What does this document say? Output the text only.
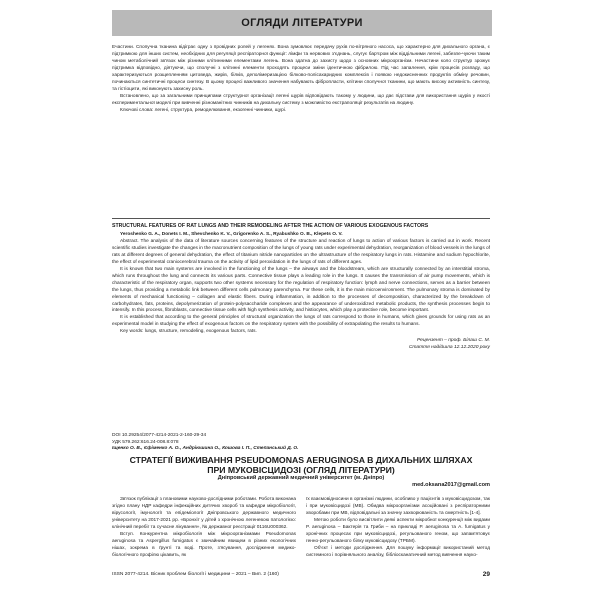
ОГЛЯДИ ЛІТЕРАТУРИ

Ечастини. Спопучна тканина відіграє одну з провідних ролей у легенях. Вона зумовлює передачу рухів по-вітряного насоса, що характерно для дихального органа, є підтримкою для інших систем, необхідних для регуляції респіраторної функції: лімфи та нервових з'єднань, слугує бар'єром між віддільними легені, забезпе-чуючи таким чином метаболічний зв'язок між різними клітинними елементами легень. Вона здатна до захисту щодо з основних мікроорганізм. Нечастини коло структур зрожує підтримка відповідно, діятуючи, що сполучні з клітинні елементи проходять процеси зміни ідентичною фібрилою. Під час запалення, крім процесів розпаду, що характеризуються розщепленням цитоведа, жирів, білків, деполімеризацією білково-полісахаридних комплексів і появою недокисненних продуктів обміну речовин, починаються синтетичні процеси синтезу. В цьому процесі важливого значення набувають фібропласти, клітини сполучної тканини, що мають високу активність синтезу, та гістіоцити, які виконують захисну роль.

Встановлено, що за загальними принципами структурної організації легені щурів відповідають такому у людини, що дає підстави для використання щурів у якості експериментальної моделі при вивченні різноманітних чинників на дихальну систему з можливістю екстраполяції результатів на людину.

Ключові слова: легені, структура, ремоделювання, екзогенні чинники, щурі.

STRUCTURAL FEATURES OF RAT LUNGS AND THEIR REMODELING AFTER THE ACTION OF VARIOUS EXOGENOUS FACTORS

Yeroshenko G. A., Donets I. M., Shevchenko K. V., Grigorenko A. S., Ryabushko O. B., Klepets O. V.

Abstract. The analysis of the data of literature sources concerning features of the structure and reaction of lungs to action of various factors is carried out in work. Recent scientific studies investigate the changes in the macronutrient composition of the lungs of young rats under experimental dehydration, reorganization of blood vessels in the lungs of rats at different degrees of general dehydration, the effect of titanium nitride nanoparticles on the ultrastructure of the respiratory lungs in rats. Histamine and sodium hypochlorite, the effect of experimental craniocerebral trauma on the activity of lipid peroxidation in the lungs of rats of different ages.

It is known that two main systems are involved in the functioning of the lungs – the airways and the bloodstream, which are structurally connected by an interstitial stroma, which runs throughout the lung and connects its various parts. Connective tissue plays a leading role in the lungs. It causes the transmission of air pump movements, which is characteristic of the respiratory organ, supports two other systems necessary for the regulation of respiratory function: lymph and nerve connections, serves as a barrier between the lungs, thus providing a metabolic link between different cells pulmonary parenchyma. For these cells, it is the main microenvironment. The pulmonary stroma is dominated by elements of mechanical functioning – collagen and elastic fibers. During inflammation, in addition to the processes of decomposition, characterized by the breakdown of carbohydrates, fats, proteins, depolymerization of protein-polysaccharide complexes and the appearance of underoxidized metabolic products, the synthesis processes begin to intensify. In this process, fibroblasts, connective tissue cells with high synthesis activity, and histiocytes, which play a protective role, become important.

It is established that according to the general principles of structural organization the lungs of rats correspond to those in humans, which gives grounds for using rats as an experimental model in studying the effect of exogenous factors on the respiratory system with the possibility of extrapolating the results to humans.

Key words: lungs, structure, remodeling, exogenous factors, rats.

Рецензент – проф. Білаш С. М.

Стаття надійшла 12.12.2020 року

DOI 10.29254/2077-4214-2021-2-160-29-34

УДК 579.262:616.24-008.8:078

Іщенко О. В., Єфіменко А. О., Андріюшина О., Кошова І. П., Степанський Д. О.

СТРАТЕГІЇ ВИЖИВАННЯ PSEUDOMONAS AERUGINOSA В ДИХАЛЬНИХ ШЛЯХАХ

ПРИ МУКОВІСЦИДОЗІ (ОГЛЯД ЛІТЕРАТУРИ)

Дніпровський державний медичний університет (м. Дніпро)

med.oksana2017@gmail.com

Зв'язок публікації з плановими науково-дослідними роботами. Робота виконана згідно плану НДР кафедри інфекційних дитячих хвороб та кафедри мікробіології, вірусології, імунології та епідеміології Дніпровського державного медичного університету на 2017-2021 рр. «Бронхіт у дітей з хронічною легеневою патологією: клінічний перебіг та сучасне лікування», № державної реєстрації 0116U000362.

Вступ. Конкурентна мікробіологія між мікроорганізмами Pseudomonas aeruginosa та Aspergillus fumigatus є звичайним явищем в різних екологічних нішах, зокрема в ґрунті та воді. Проте, з'ясування, дослідження медико-біологічного профілю цікавить, як

їх взаємовідносини в організмі людини, особливо у пацієнтів з муковісцидозом, так і при муковісцидозі (МВ). Обидва мікроорганізми асоційовані з респіраторними хворобами при МВ, відповідальні за значну захворюваність та смертність [1-4].

Метою роботи було висвітлити деякі аспекти мікробної конкуренції між видами P. aeruginosa – Бактерія та Гриби – на прикладі P. aeruginosa та A. fumigatus у хронічних процесах при муковісцидозі, регульованого геном, що запам'ятовує генно-регульованого білку муковісцидозу (ТРБМ).

Об'єкт і методи дослідження. Для пошуку інформації використаний метод системного і порівняльного аналізу, бібліосканатичний метод вивчення науко-

ISSN 2077-4214. Вісник проблем біології і медицини – 2021 – Вип. 2 (160)	29
